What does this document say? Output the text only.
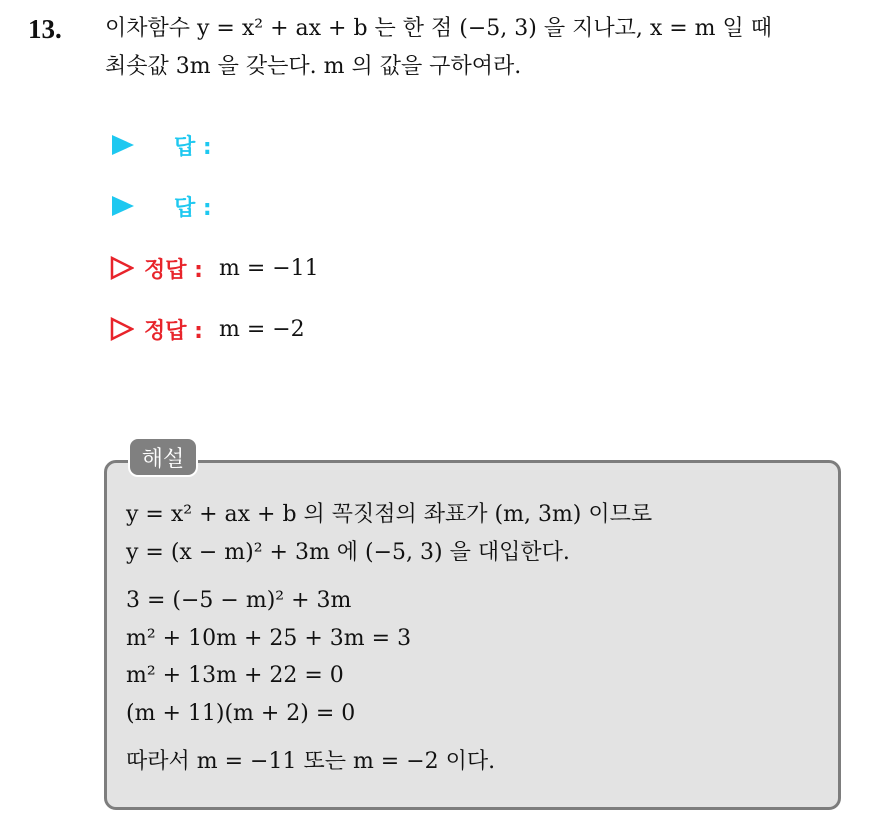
13. 이차함수 y = x² + ax + b 는 한 점 (−5, 3) 을 지나고, x = m 일 때
최솟값 3m 을 갖는다. m 의 값을 구하여라.
답 :
답 :
정답 : m = −11
정답 : m = −2
해설
y = x² + ax + b 의 꼭짓점의 좌표가 (m, 3m) 이므로
y = (x − m)² + 3m 에 (−5, 3) 을 대입한다.
3 = (−5 − m)² + 3m
m² + 10m + 25 + 3m = 3
m² + 13m + 22 = 0
(m + 11)(m + 2) = 0
따라서 m = −11 또는 m = −2 이다.
